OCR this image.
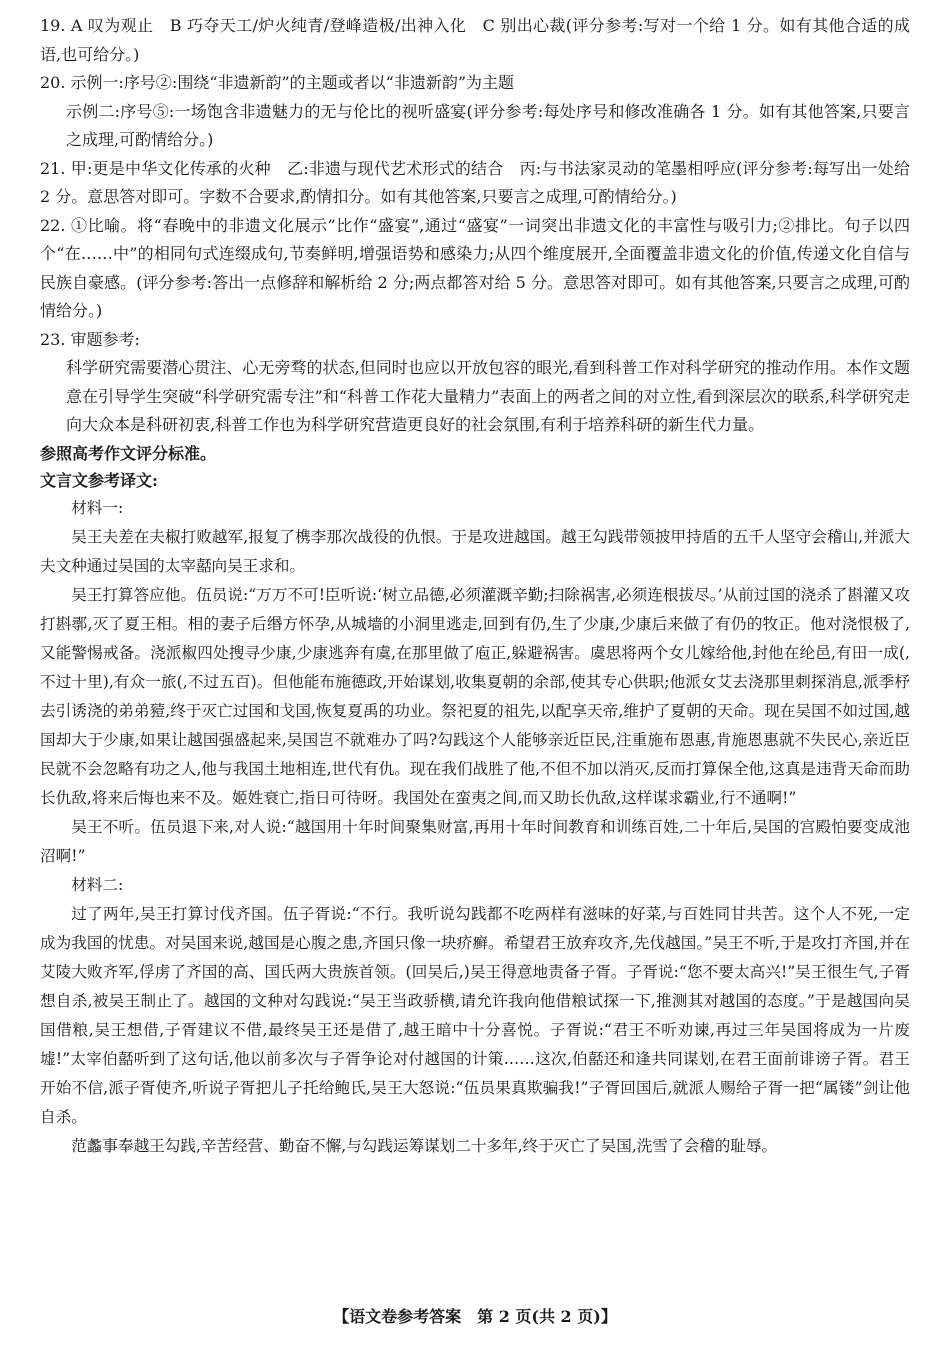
19. A 叹为观止　B 巧夺天工/炉火纯青/登峰造极/出神入化　C 别出心裁(评分参考:写对一个给 1 分。如有其他合适的成语,也可给分。)
20. 示例一:序号②:围绕“非遗新韵”的主题或者以“非遗新韵”为主题
示例二:序号⑤:一场饱含非遗魅力的无与伦比的视听盛宴(评分参考:每处序号和修改准确各 1 分。如有其他答案,只要言之成理,可酌情给分。)
21. 甲:更是中华文化传承的火种　乙:非遗与现代艺术形式的结合　丙:与书法家灵动的笔墨相呼应(评分参考:每写出一处给 2 分。意思答对即可。字数不合要求,酌情扣分。如有其他答案,只要言之成理,可酌情给分。)
22. ①比喻。将“春晚中的非遗文化展示”比作“盛宴”,通过“盛宴”一词突出非遗文化的丰富性与吸引力;②排比。句子以四个“在……中”的相同句式连缀成句,节奏鲜明,增强语势和感染力;从四个维度展开,全面覆盖非遗文化的价值,传递文化自信与民族自豪感。(评分参考:答出一点修辞和解析给 2 分;两点都答对给 5 分。意思答对即可。如有其他答案,只要言之成理,可酌情给分。)
23. 审题参考:
科学研究需要潜心贯注、心无旁骛的状态,但同时也应以开放包容的眼光,看到科普工作对科学研究的推动作用。本作文题意在引导学生突破“科学研究需专注”和“科普工作花大量精力”表面上的两者之间的对立性,看到深层次的联系,科学研究走向大众本是科研初衷,科普工作也为科学研究营造更良好的社会氛围,有利于培养科研的新生代力量。
参照高考作文评分标准。
文言文参考译文:
材料一:
吴王夫差在夫椒打败越军,报复了槜李那次战役的仇恨。于是攻进越国。越王勾践带领披甲持盾的五千人坚守会稽山,并派大夫文种通过吴国的太宰嚭向吴王求和。
吴王打算答应他。伍员说:“万万不可!臣听说:‘树立品德,必须灌溉辛勤;扫除祸害,必须连根拔尽。’从前过国的浇杀了斟灌又攻打斟鄩,灭了夏王相。相的妻子后缗方怀孕,从城墙的小洞里逃走,回到有仍,生了少康,少康后来做了有仍的牧正。他对浇恨极了,又能警惕戒备。浇派椒四处搜寻少康,少康逃奔有虞,在那里做了庖正,躲避祸害。虞思将两个女儿嫁给他,封他在纶邑,有田一成(,不过十里),有众一旅(,不过五百)。但他能布施德政,开始谋划,收集夏朝的余部,使其专心供职;他派女艾去浇那里刺探消息,派季杼去引诱浇的弟弟豷,终于灭亡过国和戈国,恢复夏禹的功业。祭祀夏的祖先,以配享天帝,维护了夏朝的天命。现在吴国不如过国,越国却大于少康,如果让越国强盛起来,吴国岂不就难办了吗?勾践这个人能够亲近臣民,注重施布恩惠,肯施恩惠就不失民心,亲近臣民就不会忽略有功之人,他与我国土地相连,世代有仇。现在我们战胜了他,不但不加以消灭,反而打算保全他,这真是违背天命而助长仇敌,将来后悔也来不及。姬姓衰亡,指日可待呀。我国处在蛮夷之间,而又助长仇敌,这样谋求霸业,行不通啊!”
吴王不听。伍员退下来,对人说:“越国用十年时间聚集财富,再用十年时间教育和训练百姓,二十年后,吴国的宫殿怕要变成池沼啊!”
材料二:
过了两年,吴王打算讨伐齐国。伍子胥说:“不行。我听说勾践都不吃两样有滋味的好菜,与百姓同甘共苦。这个人不死,一定成为我国的忧患。对吴国来说,越国是心腹之患,齐国只像一块疥癣。希望君王放弃攻齐,先伐越国。”吴王不听,于是攻打齐国,并在艾陵大败齐军,俘虏了齐国的高、国氏两大贵族首领。(回吴后,)吴王得意地责备子胥。子胥说:“您不要太高兴!”吴王很生气,子胥想自杀,被吴王制止了。越国的文种对勾践说:“吴王当政骄横,请允许我向他借粮试探一下,推测其对越国的态度。”于是越国向吴国借粮,吴王想借,子胥建议不借,最终吴王还是借了,越王暗中十分喜悦。子胥说:“君王不听劝谏,再过三年吴国将成为一片废墟!”太宰伯嚭听到了这句话,他以前多次与子胥争论对付越国的计策……这次,伯嚭还和逢共同谋划,在君王面前诽谤子胥。君王开始不信,派子胥使齐,听说子胥把儿子托给鲍氏,吴王大怒说:“伍员果真欺骗我!”子胥回国后,就派人赐给子胥一把“属镂”剑让他自杀。
范蠡事奉越王勾践,辛苦经营、勤奋不懈,与勾践运筹谋划二十多年,终于灭亡了吴国,洗雪了会稽的耻辱。
【语文卷参考答案　第 2 页(共 2 页)】
